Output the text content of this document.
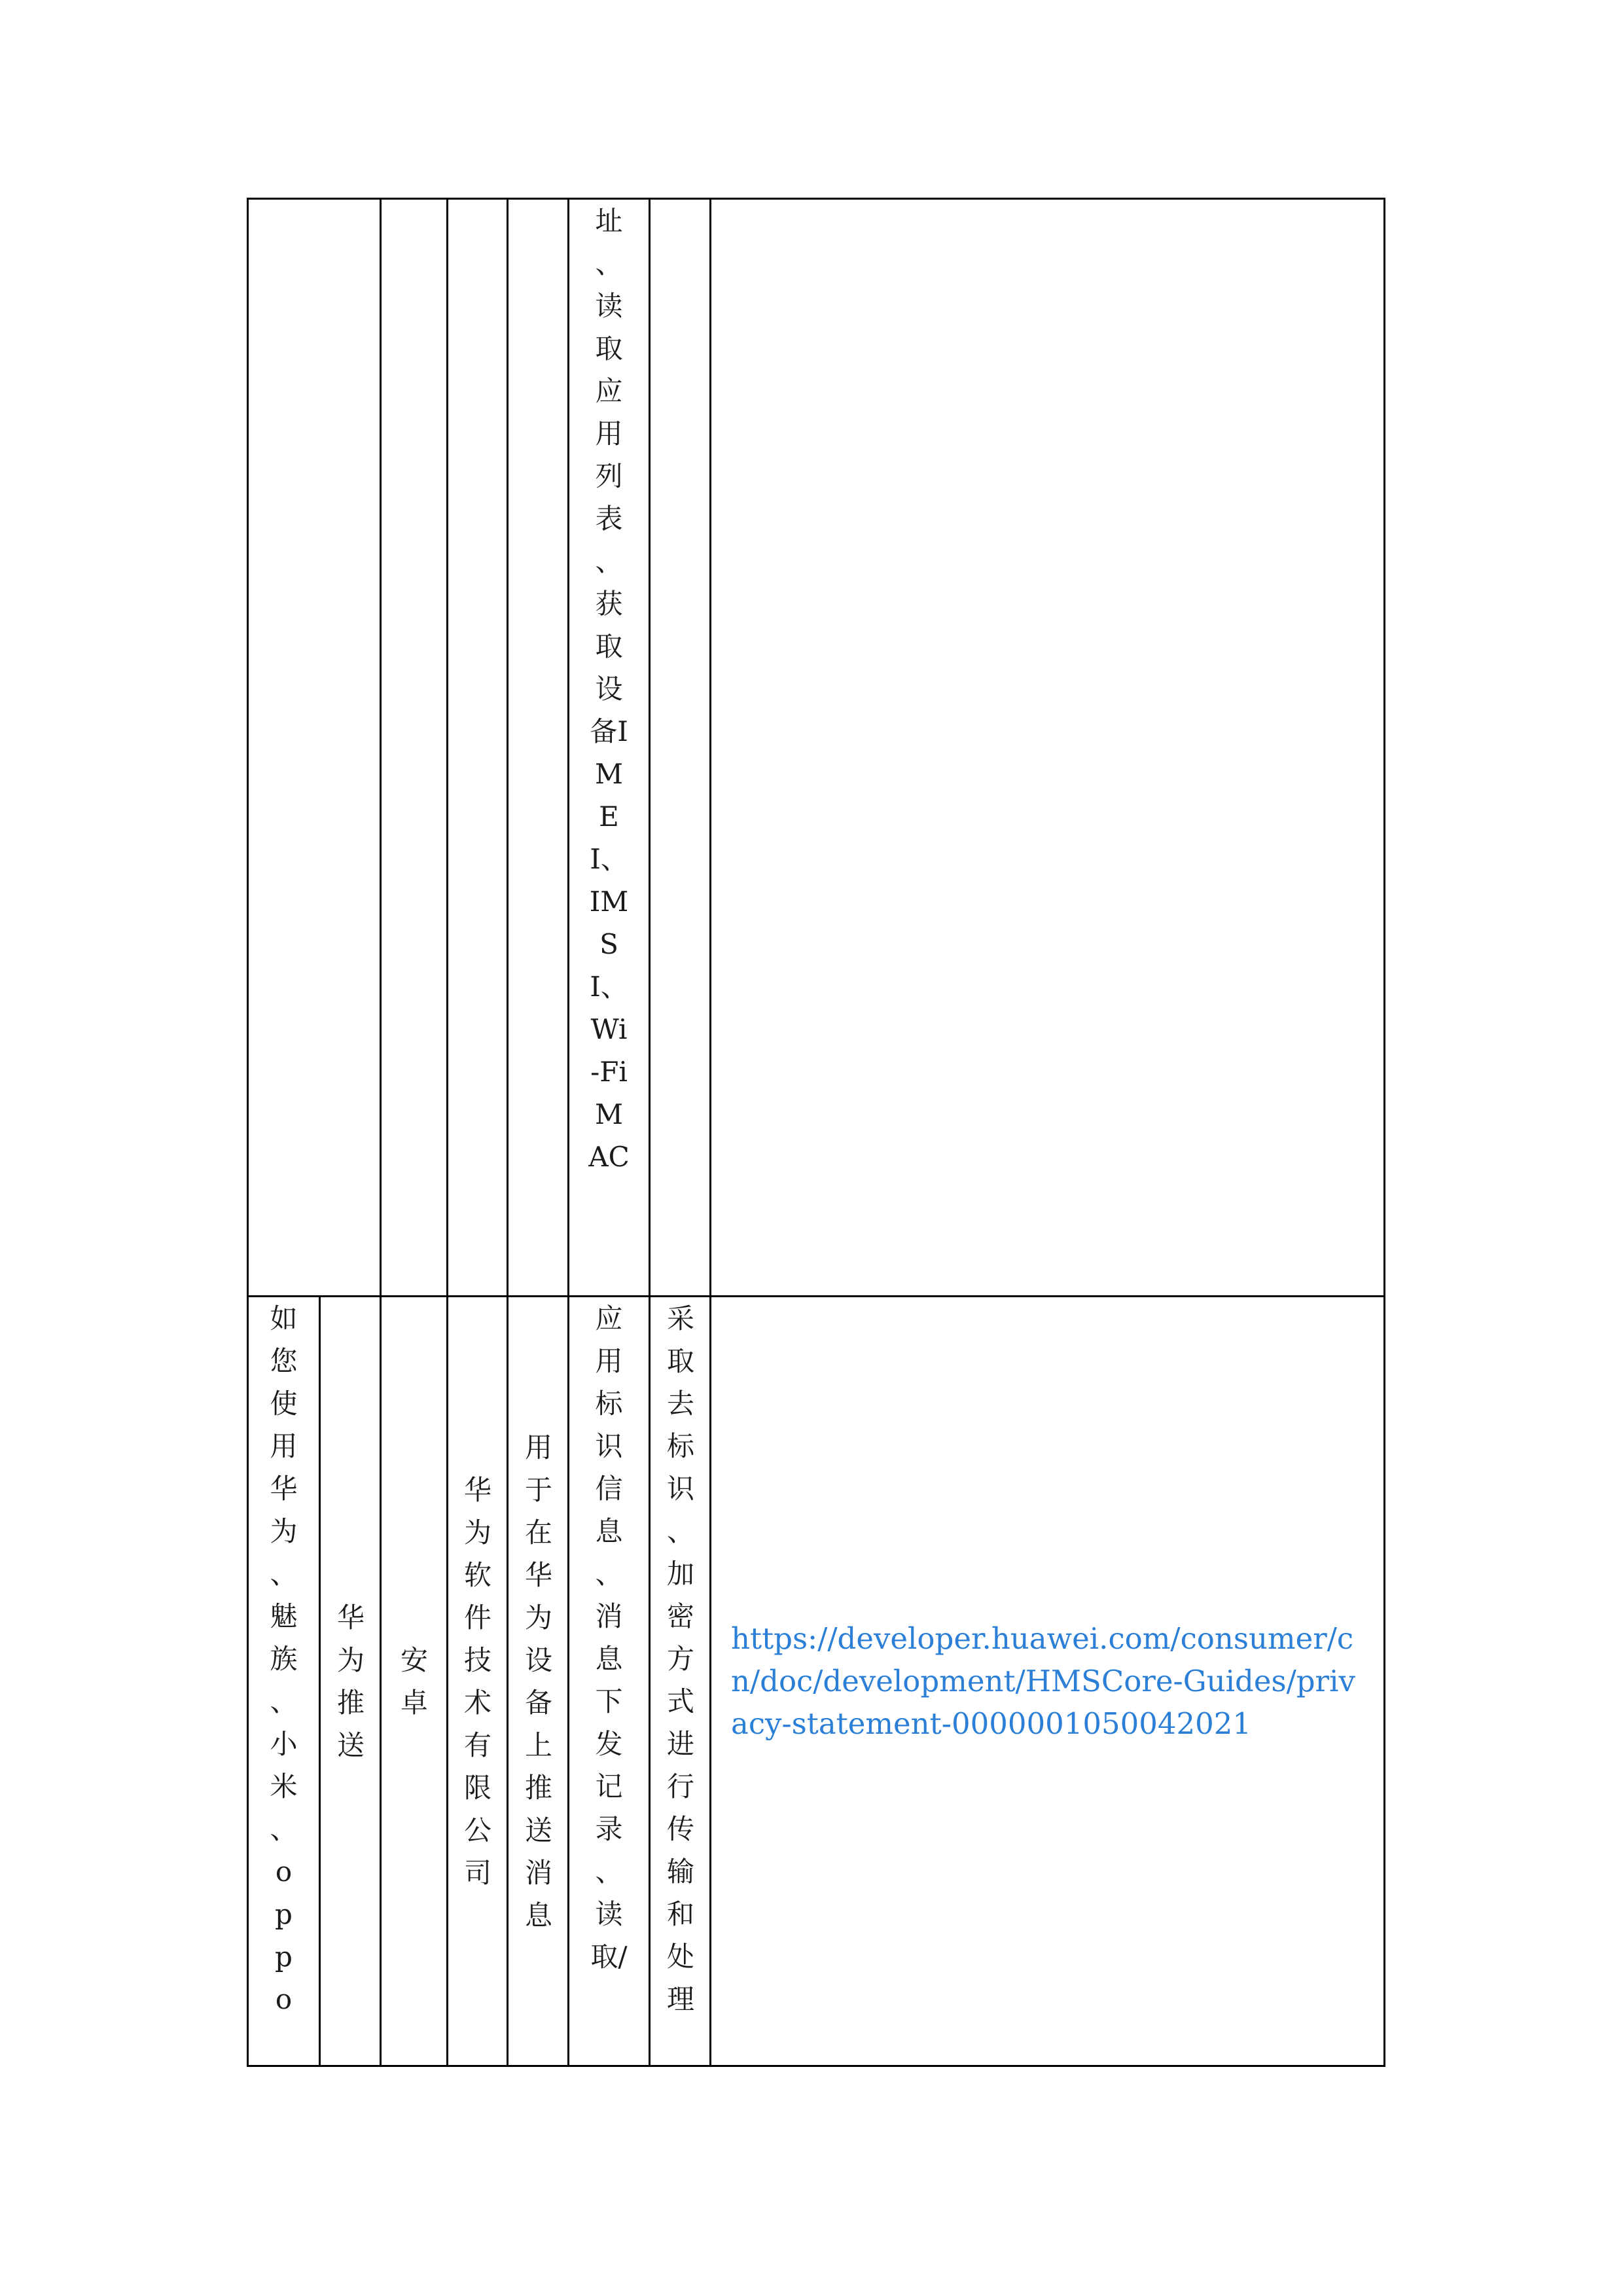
					址、读取应用列表、获取设备IMEI、IMSI、Wi-FiMAC		

如您使用华为、魅族、小米、oppo	华为推送	安卓	华为软件技术有限公司	用于在华为设备上推送消息	应用标识信息、消息下发记录、读取/	采取去标识、加密方式进行传输和处理	https://developer.huawei.com/consumer/cn/doc/development/HMSCore-Guides/privacy-statement-0000001050042021
